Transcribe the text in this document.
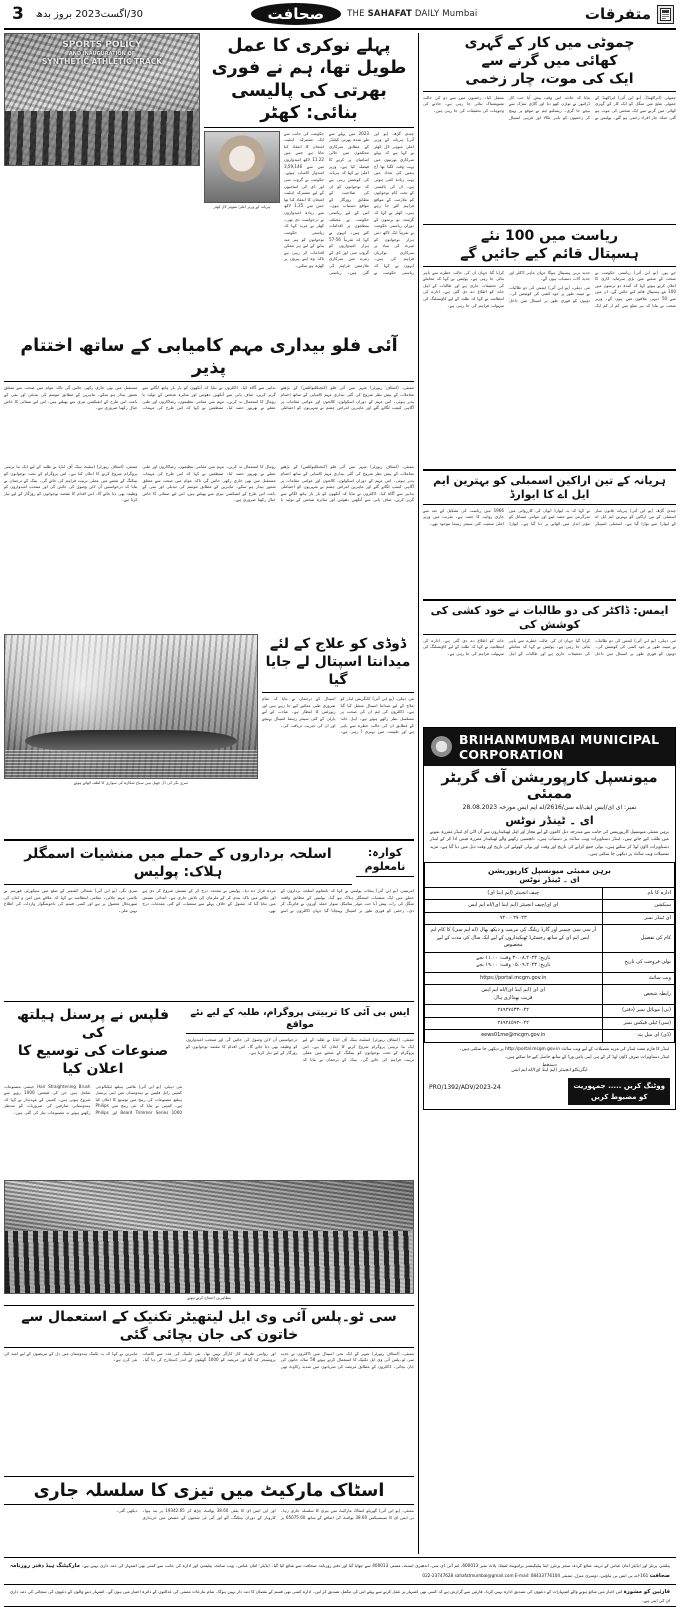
متفرقات
THE SAHAFAT DAILY Mumbai
صحافت
30/اگست2023 بروز بدھ
3
چموٹی میں کار کے گہری
کھائی میں گرنے سے
ایک کی موت، چار زخمی

چموٹی (اتراکھنڈ)، (یو این آئی) اتراکھنڈ کے چموٹی ضلع میں منگل کو ایک کار کے گہری کھائی میں گرنے سے ایک شخص کی موت ہو گئی جبکہ چار افراد زخمی ہو گئے۔ پولیس نے بتایا کہ حادثہ اس وقت پیش آیا جب کار ڈرائیور نے توازن کھو دیا اور گاڑی سڑک سے نیچے جا گری۔ ریسکیو ٹیم نے موقع پر پہنچ کر زخمیوں کو باہر نکالا اور قریبی اسپتال منتقل کیا۔ زخمیوں میں سے دو کی حالت تشویشناک بتائی جا رہی ہے۔ حادثے کی وجوہات کی تحقیقات کی جا رہی ہیں۔

ریاست میں 100 نئے
ہسپتال قائم کیے جائیں گے

جے پور، (یو این آئی) ریاستی حکومت نے صحت کے شعبے میں بڑی سرمایہ کاری کا اعلان کرتے ہوئے کہا کہ آئندہ دو برسوں میں 100 نئے ہسپتال قائم کیے جائیں گے۔ ان میں سے 50 دیہی علاقوں میں ہوں گے۔ وزیر صحت نے بتایا کہ ہر ضلع میں کم از کم ایک جدید ترین ہسپتال ہوگا جہاں ماہر ڈاکٹر اور جدید آلات دستیاب ہوں گے۔

نئی دہلی، (یو این آئی) ایمس کی دو طالبات نے مبینہ طور پر خود کشی کی کوشش کی۔ دونوں کو فوری طور پر اسپتال میں داخل کرایا گیا جہاں ان کی حالت خطرے سے باہر بتائی جا رہی ہے۔ پولیس نے کہا کہ معاملے کی تحقیقات جاری ہے اور طالبات کے اہل خانہ کو اطلاع دے دی گئی ہے۔ ادارے کی انتظامیہ نے کہا کہ طلبہ کے لیے کاؤنسلنگ کی سہولت فراہم کی جا رہی ہے۔

ہریانہ کے تین اراکین اسمبلی کو بہترین ایم ایل اے کا ایوارڈ

چندی گڑھ، (یو این آئی) ہریانہ قانون ساز اسمبلی کے تین اراکین کو بہترین ایم ایل اے کے ایوارڈ سے نوازا گیا ہے۔ اسمبلی اسپیکر نے کہا کہ یہ ایوارڈ ایوان کی کارروائی میں سرگرمی سے حصہ لینے اور عوامی مسائل کو مؤثر انداز میں اٹھانے پر دیا گیا ہے۔ ایوارڈ 1966 میں ریاست کی تشکیل کے بعد سے جاری روایت کا حصہ ہے۔ تقریب میں وزیر اعلیٰ سمیت کئی سینئر رہنما موجود تھے۔

ایمس: ڈاکٹر کی دو طالبات نے خود کشی کی کوشش کی

نئی دہلی، (یو این آئی) ایمس کی دو طالبات نے مبینہ طور پر خود کشی کی کوشش کی۔ دونوں کو فوری طور پر اسپتال میں داخل کرایا گیا جہاں ان کی حالت خطرے سے باہر بتائی جا رہی ہے۔ پولیس نے کہا کہ معاملے کی تحقیقات جاری ہے اور طالبات کے اہل خانہ کو اطلاع دے دی گئی ہے۔ ادارے کی انتظامیہ نے کہا کہ طلبہ کے لیے کاؤنسلنگ کی سہولت فراہم کی جا رہی ہے۔

BRIHANMUMBAI MUNICIPAL CORPORATION
میونسپل کارپوریشن آف گریٹر ممبئی
نمبر: ای ای/ایس ایف/اے سی/2616/اے ایم ایس مورخہ 28.08.2023
ای ۔ ٹینڈر نوٹس
برہن ممبئی میونسپل کارپوریشن کی جانب سے مندرجہ ذیل کاموں کے لیے مجاز اور اہل ٹھیکیداروں سے آن لائن ای ٹینڈر مقررہ نمونے میں طلب کیے جاتے ہیں۔ ٹینڈر دستاویزات ویب سائٹ پر دستیاب ہیں۔ دلچسپی رکھنے والے ٹھیکیدار مقررہ فیس ادا کر کے ٹینڈر دستاویزات ڈاؤن لوڈ کر سکتے ہیں۔ بولی جمع کرانے کی تاریخ اور وقت اور بولی کھولنے کی تاریخ اور وقت ذیل میں دیا گیا ہے۔ مزید تفصیلات ویب سائٹ پر دیکھی جا سکتی ہیں۔
برہن ممبئی میونسپل کارپوریشن
ای ۔ ٹینڈر نوٹس	

ادارہ کا نام	چیف انجینئر (ایم اینڈ ای)
سیکشن	ای ای/چیف انجینئر (ایم اینڈ ای)/اے ایم ایس
ای ٹینڈر نمبر	٧٢٠٠٠٢٧٠٢٣
کام کی تفصیل	آر سی سی چیمبر اور گارڈ ریلنگ کی مرمت و دیکھ بھال (اے ایم سی) کا کام ایم ایس ایم ای کے ساتھ رجسٹرڈ ٹھیکیداروں کے لیے ایک سال کی مدت کے لیے مخصوص
بولی فروخت کی تاریخ	تاریخ: ۳۰.۰۸.۲۰۲۳ وقت: ۱۱.۰۰ بجے
تاریخ: ۰۵.۰۹.۲۰۲۳ وقت: ۱۹.۰۰ بجے

ویب سائٹ	https://portal.mcgm.gov.in
رابطہ شخص	ای ای (ایم اینڈ ای)/اے ایم ایس
قریب بھنڈاری ہال

(بی) موبائل نمبر (دفتر)	٠٢٢-٢٤٩٢٧٤٣٣
(سی) ٹیلی فیکس نمبر	٠٢٢-٢٤٩٢٤٥٩٢
(ڈی) ای میل پتہ	eews01me@mcgm.gov.in
ٹینڈر کا فارم مفت ٹینڈر کی مزید تفصیلات کے لیے ویب سائٹ http://portal.mcgm.gov.in پر دیکھی جا سکتی ہیں۔
ٹینڈر دستاویزات صرف ڈاؤن لوڈ کر کے ہی اپنی پاس ورڈ کے ساتھ حاصل کیے جا سکتے ہیں۔
دستخط
ایگزیکٹو انجینئر (ایم اینڈ ای)/اے ایم ایس
ووٹنگ کریں ..... جمہوریت
کو مضبوط کریں
PRO/1392/ADV/2023-24
پہلے نوکری کا عمل طویل تھا، ہم نے فوری بھرتی کی پالیسی بنائی: کھٹر

چندی گڑھ، (یو این آئی) ہریانہ کے وزیر اعلیٰ منوہر لال کھٹر نے کہا ہے کہ پہلے سرکاری بھرتیوں میں بہت وقت لگتا تھا آج ہمیں کی تعداد میں بہت زیادہ کمی ہوئی ہے۔ ان کی پالیسی کے تحت کام نوجوانوں کو ملازمت کے مواقع فراہم کئے جا رہے ہیں۔ کھٹر نے کہا کہ گزشتہ نو برسوں کے دوران ریاستی حکومت نے تقریباً ایک لاکھ دس ہزار نوجوانوں کو میرٹ کی بنیاد پر سرکاری نوکریاں فراہم کی ہیں۔ انہوں نے کہا کہ ریاستی حکومت نے 2023 میں پہلے سے طے شدہ بھرتی کیلنڈر کے مطابق سرکاری محکموں میں خالی اسامیاں پر کرنے کا فیصلہ کیا ہے۔ وزیر اعلیٰ نے کہا کہ ہریانہ کی کوشش رہی ہے کہ نوجوانوں کو ان کی صلاحیت کے مطابق روزگار کے مواقع دستیاب ہوں۔ اس کے لیے ریاستی حکومت نے مختلف سطحوں پر اقدامات کئے ہیں۔ انہوں نے کہا کہ تقریباً 56-57 ہزار امیدواروں کو گروپ سی اور ڈی کے زمرے میں سرکاری ملازمتیں فراہم کی گئی ہیں۔ ریاستی حکومت کی جانب سے ایک مشترکہ اہلیت امتحان کا انعقاد کیا جاتا ہے جس میں 11.22 لاکھ امیدواروں میں سے 3,59,146 امیدوار کامیاب ہوئے۔ حکومت نے گروپ سی اور ڈی کی اسامیوں کے لیے مشترکہ اہلیت امتحان کا انعقاد کیا تھا جس میں 1,35 لاکھ سے زیادہ امیدواروں نے درخواست دی تھی۔ کھٹر نے مزید کہا کہ ریاستی حکومت نوجوانوں کو ہنر مند بنانے کے لیے ہر ممکن اقدامات کر رہی ہے تاکہ وہ اپنے پیروں پر کھڑے ہو سکیں۔

ہریانہ کے وزیر اعلیٰ منوہر لال کھٹر
SPORTS POLICY
AND INAUGURATION OF
SYNTHETIC ATHLETIC TRACK
آئی فلو بیداری مہم کامیابی کے ساتھ اختتام پذیر

ممبئی، (اسٹاف رپورٹر) شہر میں آئی فلو (کنجنکٹیوائٹس) کے بڑھتے معاملات کے پیش نظر شروع کی گئی بیداری مہم کامیابی کے ساتھ اختتام پذیر ہوئی۔ اس مہم کے دوران اسکولوں، کالجوں اور عوامی مقامات پر آگاہی کیمپ لگائے گئے اور ماہرین امراض چشم نے شہریوں کو احتیاطی تدابیر سے آگاہ کیا۔ ڈاکٹروں نے بتایا کہ آنکھوں کو بار بار ہاتھ لگانے سے گریز کریں، صاف پانی سے آنکھیں دھوئیں اور متاثرہ شخص کے تولیہ یا رومال کا استعمال نہ کریں۔ مہم میں مقامی تنظیموں، رضاکاروں اور طبی عملے نے بھرپور حصہ لیا۔ منتظمین نے کہا کہ اس طرح کی مہمات مستقبل میں بھی جاری رکھی جائیں گی تاکہ عوام میں صحت سے متعلق شعور بیدار ہو سکے۔ ماہرین کے مطابق موسم کی تبدیلی اور نمی کے باعث اس طرح کے انفیکشن تیزی سے پھیلتے ہیں، اس لیے صفائی کا خاص خیال رکھنا ضروری ہے۔

ممبئی، (اسٹاف رپورٹر) شہر میں آئی فلو (کنجنکٹیوائٹس) کے بڑھتے معاملات کے پیش نظر شروع کی گئی بیداری مہم کامیابی کے ساتھ اختتام پذیر ہوئی۔ اس مہم کے دوران اسکولوں، کالجوں اور عوامی مقامات پر آگاہی کیمپ لگائے گئے اور ماہرین امراض چشم نے شہریوں کو احتیاطی تدابیر سے آگاہ کیا۔ ڈاکٹروں نے بتایا کہ آنکھوں کو بار بار ہاتھ لگانے سے گریز کریں، صاف پانی سے آنکھیں دھوئیں اور متاثرہ شخص کے تولیہ یا رومال کا استعمال نہ کریں۔ مہم میں مقامی تنظیموں، رضاکاروں اور طبی عملے نے بھرپور حصہ لیا۔ منتظمین نے کہا کہ اس طرح کی مہمات مستقبل میں بھی جاری رکھی جائیں گی تاکہ عوام میں صحت سے متعلق شعور بیدار ہو سکے۔ ماہرین کے مطابق موسم کی تبدیلی اور نمی کے باعث اس طرح کے انفیکشن تیزی سے پھیلتے ہیں، اس لیے صفائی کا خاص خیال رکھنا ضروری ہے۔

ممبئی، (اسٹاف رپورٹر) اسٹیٹ بینک آف انڈیا نے طلبہ کے لیے ایک نیا تربیتی پروگرام شروع کرنے کا اعلان کیا ہے۔ اس پروگرام کے تحت نوجوانوں کو بینکنگ کے شعبے میں عملی تربیت فراہم کی جائے گی۔ بینک کے ترجمان نے بتایا کہ درخواستیں آن لائن وصول کی جائیں گی اور منتخب امیدواروں کو وظیفہ بھی دیا جائے گا۔ اس اقدام کا مقصد نوجوانوں کو روزگار کے لیے تیار کرنا ہے۔

ڈوڈی کو علاج کے لئے میدانتا اسپتال لے جایا گیا

نئی دہلی، (یو این آئی) کانگریس لیڈر کو علاج کے لیے میدانتا اسپتال منتقل کیا گیا ہے۔ ڈاکٹروں کی ٹیم ان کی صحت پر مسلسل نظر رکھے ہوئے ہے۔ اہل خانہ کے مطابق ان کی حالت خطرے سے باہر ہے اور طبیعت میں بہتری آ رہی ہے۔ اسپتال کے ترجمان نے بتایا کہ تمام ضروری طبی معائنے کیے جا رہے ہیں اور رپورٹس کا انتظار ہے۔ عیادت کے لیے پارٹی کے کئی سینئر رہنما اسپتال پہنچے اور ان کی خیریت دریافت کی۔

سری نگر کی ڈل جھیل میں سیاح شکارے کی سواری کا لطف اٹھاتے ہوئے
کوارہ: نامعلوم
اسلحہ برداروں کے حملے میں منشیات اسمگلر ہلاک: پولیس

امرتسر، (یو این آئی) پنجاب پولیس نے کہا کہ نامعلوم اسلحہ برداروں کے حملے میں ایک منشیات اسمگلر ہلاک ہو گیا۔ پولیس کے مطابق واقعہ منگل کی رات پیش آیا جب موٹر سائیکل سوار حملہ آوروں نے فائرنگ کر دی۔ زخمی کو فوری طور پر اسپتال پہنچایا گیا جہاں ڈاکٹروں نے اسے مردہ قرار دے دیا۔ پولیس نے مقدمہ درج کر کے تفتیش شروع کر دی ہے اور علاقے میں ناکہ بندی کر کے ملزمان کی تلاش جاری ہے۔ ابتدائی تفتیش میں بتایا گیا کہ مقتول کے خلاف پہلے سے منشیات کے کئی مقدمات درج تھے۔

سری نگر، (یو این آئی) شمالی کشمیر کے ضلع میں سیکورٹی فورسز نے تلاشی مہم چلائی۔ مقامی انتظامیہ نے کہا کہ علاقے میں امن و امان کی صورتحال معمول پر ہے اور کسی قسم کی ناخوشگوار واردات کی اطلاع نہیں ملی۔

ایس بی آئی کا تربیتی پروگرام، طلبہ کے لیے نئے مواقع

ممبئی، (اسٹاف رپورٹر) اسٹیٹ بینک آف انڈیا نے طلبہ کے لیے ایک نیا تربیتی پروگرام شروع کرنے کا اعلان کیا ہے۔ اس پروگرام کے تحت نوجوانوں کو بینکنگ کے شعبے میں عملی تربیت فراہم کی جائے گی۔ بینک کے ترجمان نے بتایا کہ درخواستیں آن لائن وصول کی جائیں گی اور منتخب امیدواروں کو وظیفہ بھی دیا جائے گا۔ اس اقدام کا مقصد نوجوانوں کو روزگار کے لیے تیار کرنا ہے۔

فلپس نے پرسنل ہیلتھ کی
صنوعات کی توسیع کا اعلان کیا

نئی دہلی، (یو این آئی) عالمی ہیلتھ ٹیکنالوجی کمپنی رائل فلپس نے ہندوستان میں اپنی پرسنل ہیلتھ مصنوعات کی رینج میں توسیع کا اعلان کیا ہے۔ کمپنی نے بتایا کہ نئی رینج میں Philips Beard Trimmer Series 1000 اور Philips Hair Straightening Brush جیسی مصنوعات شامل ہیں جن کی قیمتیں 1000 روپے سے شروع ہوتی ہیں۔ کمپنی کے عہدیدار نے کہا کہ ہندوستانی صارفین کی ضروریات کو مدنظر رکھتے ہوئے یہ مصنوعات تیار کی گئی ہیں۔

مظاہرین احتجاج کرتے ہوئے
سی ٹو۔پلس آئی وی ایل لیتھیٹر تکنیک کے استعمال سے خاتون کی جان بچائی گئی

ممبئی، (اسٹاف رپورٹر) شہر کے ایک نجی اسپتال میں ڈاکٹروں نے جدید سی ٹو۔پلس آئی وی ایل تکنیک کا استعمال کرتے ہوئے 58 سالہ خاتون کی جان بچائی۔ ڈاکٹروں کے مطابق مریضہ کی شریانوں میں شدید رکاوٹ تھی اور روایتی طریقہ کار کارگر نہیں تھا۔ نئی تکنیک کی مدد سے کامیاب پروسیجر کیا گیا اور مریضہ کو 1000 گھنٹوں کے اندر ڈسچارج کر دیا گیا۔ ماہرین نے کہا کہ یہ تکنیک ہندوستان میں دل کے مریضوں کے لیے امید کی نئی کرن ہے۔

اسٹاک مارکیٹ میں تیزی کا سلسلہ جاری

ممبئی، (یو این آئی) گھریلو اسٹاک مارکیٹ میں تیزی کا سلسلہ جاری رہا۔ بی ایس ای کا سینسیکس 38.60 پوائنٹ کی اضافے کے ساتھ 65075.60 پر اور این ایس ای کا نفٹی 38.60 پوائنٹ چڑھ کر 19342.65 پر بند ہوا۔ کاروبار کے دوران بینکنگ، آٹو اور آئی ٹی شعبوں کے حصص میں خریداری دیکھی گئی۔

پبلشر، پرنٹر اور ایڈیٹر امان عباس کے ذریعہ شائع کردہ، سحر پرنٹرز اینڈ پبلیکیشنز پرائیویٹ لمیٹڈ، پلاٹ نمبر 600013، ایم آئی ڈی سی، اندھیری ایسٹ، ممبئی 400013 سے چھاپا گیا اور دفتر روزنامہ صحافت سے شائع کیا گیا۔ ایڈیٹر: امان عباس۔ ویب سائٹ، پبلیشر، اور ادارہ کی جانب سے کسی بھی اشتہار کی ذمہ داری نہیں ہے۔ مارکیٹنگ ہیڈ دفتر روزنامہ صحافت 161-اے، پی ایس بی ہاؤس، دوسری منزل، ممبئی 08433776104 E-mail: sahafatmumbai@gmail.com 022-23747628
قارئین کو مشورہ اس اخبار میں شائع ہونے والے اشتہارات کے دعووں کی تصدیق ادارہ نہیں کرتا۔ قارئین سے گزارش ہے کہ کسی بھی اشتہار پر عمل کرنے سے پہلے اس کی مکمل تصدیق کر لیں۔ ادارہ کسی بھی قسم کے نقصان کا ذمہ دار نہیں ہوگا۔ تمام تنازعات ممبئی کی عدالتوں کے دائرہ اختیار میں ہوں گے۔ اشتہار دینے والوں کے دعووں کی سچائی کی ذمہ داری ان کی اپنی ہے۔
